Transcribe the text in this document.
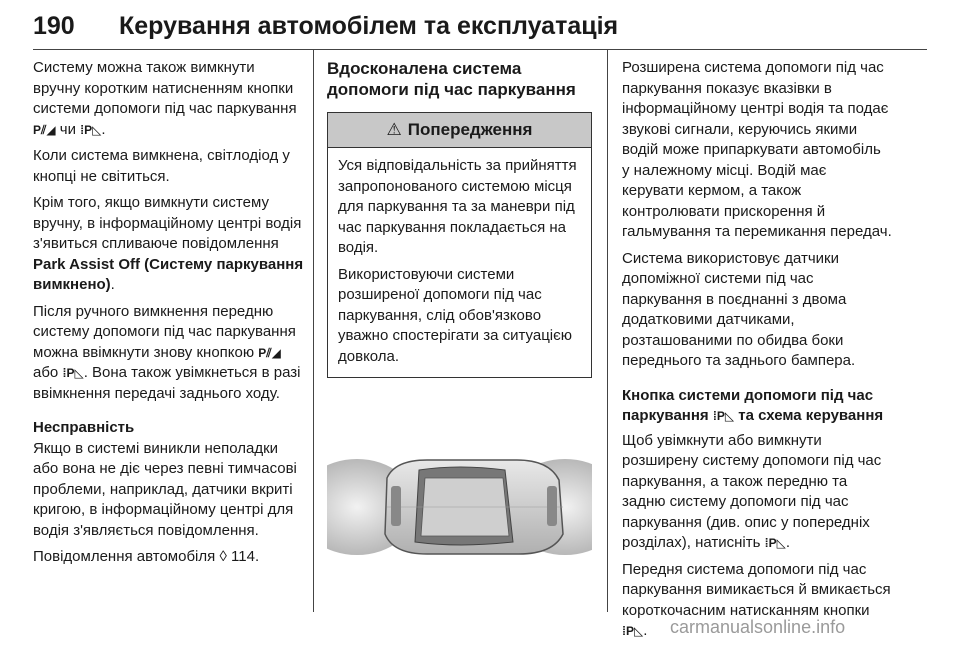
190 Керування автомобілем та експлуатація

Систему можна також вимкнути вручну коротким натисненням кнопки системи допомоги під час паркування P⫽◢ чи ⁞P◺.

Коли система вимкнена, світлодіод у кнопці не світиться.

Крім того, якщо вимкнути систему вручну, в інформаційному центрі водія з'явиться спливаюче повідомлення Park Assist Off (Систему паркування вимкнено).

Після ручного вимкнення передню систему допомоги під час паркування можна ввімкнути знову кнопкою P⫽◢ або ⁞P◺. Вона також увімкнеться в разі ввімкнення передачі заднього ходу.

Несправність

Якщо в системі виникли неполадки або вона не діє через певні тимчасові проблеми, наприклад, датчики вкриті кригою, в інформаційному центрі для водія з'являється повідомлення.

Повідомлення автомобіля ◊ 114.

Вдосконалена система допомоги під час паркування
⚠ Попередження

Уся відповідальність за прийняття запропонованого системою місця для паркування та за маневри під час паркування покладається на водія.

Використовуючи системи розширеної допомоги під час паркування, слід обов'язково уважно спостерігати за ситуацією довкола.

Розширена система допомоги під час паркування показує вказівки в інформаційному центрі водія та подає звукові сигнали, керуючись якими водій може припаркувати автомобіль у належному місці. Водій має керувати кермом, а також контролювати прискорення й гальмування та перемикання передач.

Система використовує датчики допоміжної системи під час паркування в поєднанні з двома додатковими датчиками, розташованими по обидва боки переднього та заднього бампера.

Кнопка системи допомоги під час паркування ⁞P◺ та схема керування

Щоб увімкнути або вимкнути розширену систему допомоги під час паркування, а також передню та задню систему допомоги під час паркування (див. опис у попередніх розділах), натисніть ⁞P◺.

Передня система допомоги під час паркування вимикається й вмикається короткочасним натисканням кнопки ⁞P◺.	carmanualsonline.info
